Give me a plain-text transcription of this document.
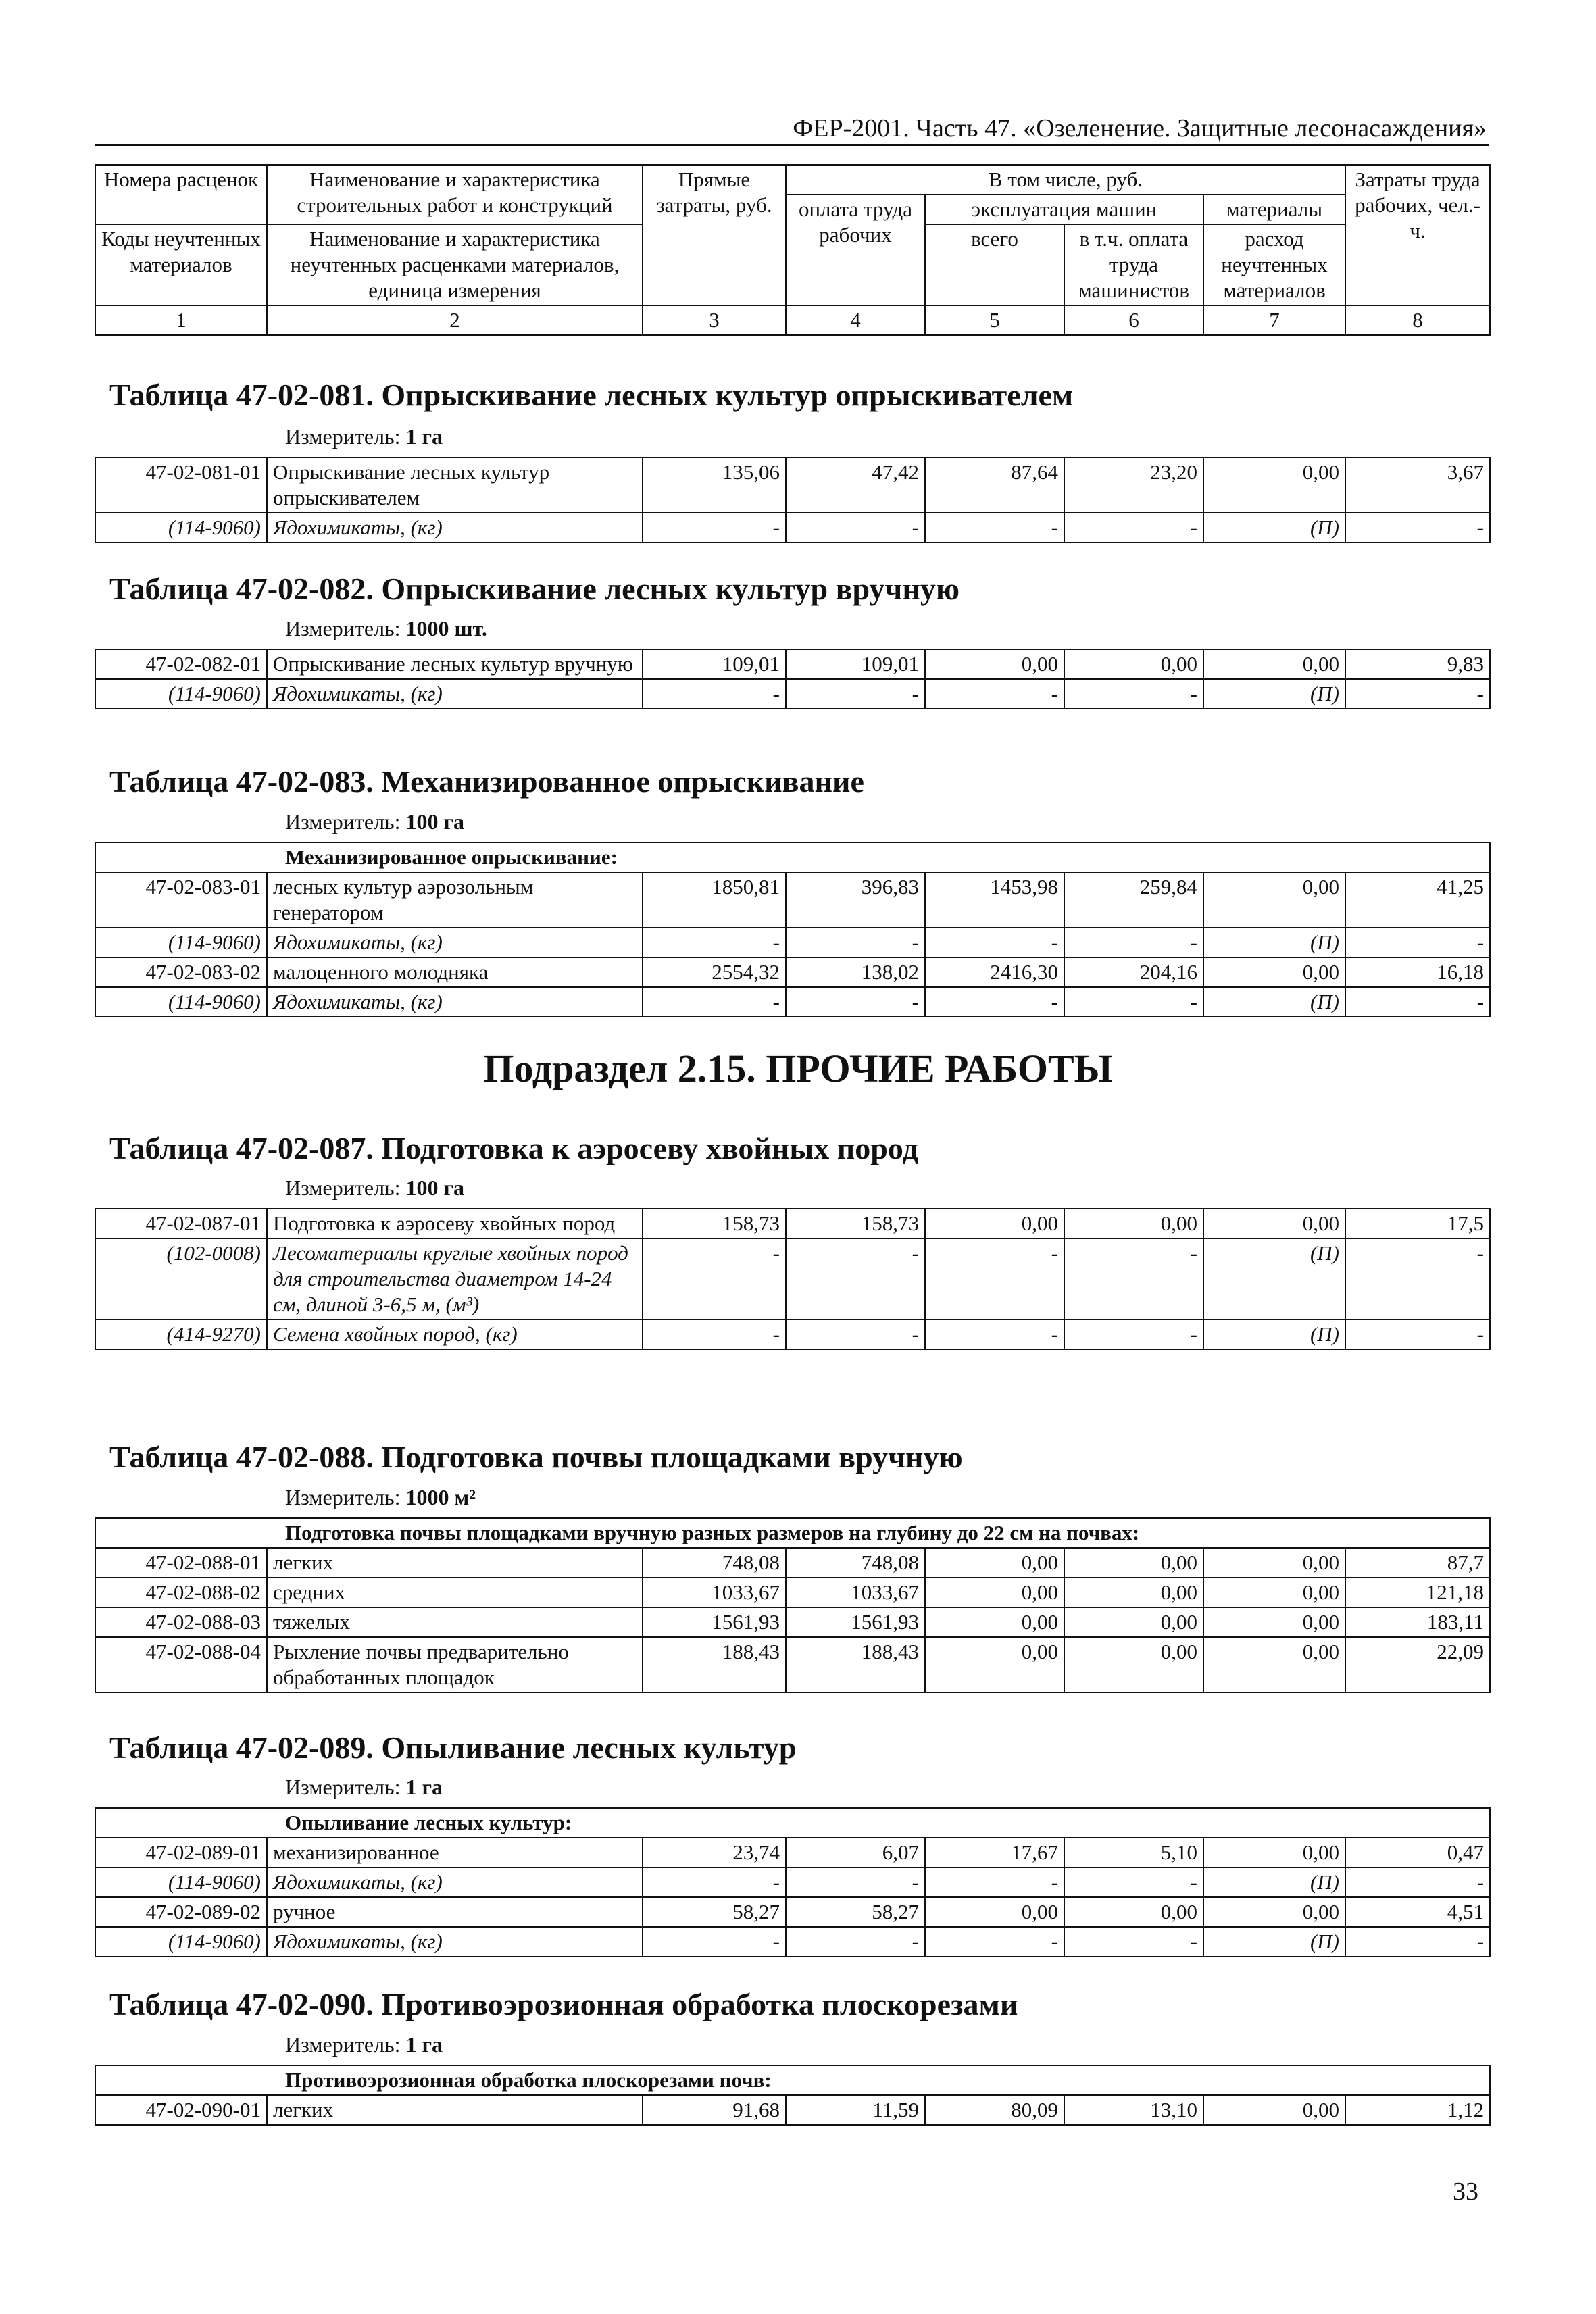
ФЕР-2001. Часть 47. «Озеленение. Защитные лесонасаждения»
Номера расценок	Наименование и характеристика строительных работ и конструкций	Прямые затраты, руб.	В том числе, руб.				Затраты труда рабочих, чел.-ч.
			оплата труда рабочих	эксплуатация машин		материалы	
Коды неучтенных материалов	Наименование и характеристика неучтенных расценками материалов, единица измерения			всего	в т.ч. оплата труда машинистов	расход неучтенных материалов	

1	2	3	4	5	6	7	8
Таблица 47-02-081. Опрыскивание лесных культур опрыскивателем
Измеритель: 1 га
47-02-081-01	Опрыскивание лесных культур опрыскивателем	135,06	47,42	87,64	23,20	0,00	3,67
(114-9060)	Ядохимикаты, (кг)	-	-	-	-	(П)	-
Таблица 47-02-082. Опрыскивание лесных культур вручную
Измеритель: 1000 шт.
47-02-082-01	Опрыскивание лесных культур вручную	109,01	109,01	0,00	0,00	0,00	9,83
(114-9060)	Ядохимикаты, (кг)	-	-	-	-	(П)	-
Таблица 47-02-083. Механизированное опрыскивание
Измеритель: 100 га
Механизированное опрыскивание:							
47-02-083-01	лесных культур аэрозольным генератором	1850,81	396,83	1453,98	259,84	0,00	41,25
(114-9060)	Ядохимикаты, (кг)	-	-	-	-	(П)	-
47-02-083-02	малоценного молодняка	2554,32	138,02	2416,30	204,16	0,00	16,18
(114-9060)	Ядохимикаты, (кг)	-	-	-	-	(П)	-
Подраздел 2.15. ПРОЧИЕ РАБОТЫ
Таблица 47-02-087. Подготовка к аэросеву хвойных пород
Измеритель: 100 га
47-02-087-01	Подготовка к аэросеву хвойных пород	158,73	158,73	0,00	0,00	0,00	17,5
(102-0008)	Лесоматериалы круглые хвойных пород для строительства диаметром 14-24 см, длиной 3-6,5 м, (м³)	-	-	-	-	(П)	-
(414-9270)	Семена хвойных пород, (кг)	-	-	-	-	(П)	-
Таблица 47-02-088. Подготовка почвы площадками вручную
Измеритель: 1000 м²
Подготовка почвы площадками вручную разных размеров на глубину до 22 см на почвах:							
47-02-088-01	легких	748,08	748,08	0,00	0,00	0,00	87,7
47-02-088-02	средних	1033,67	1033,67	0,00	0,00	0,00	121,18
47-02-088-03	тяжелых	1561,93	1561,93	0,00	0,00	0,00	183,11
47-02-088-04	Рыхление почвы предварительно обработанных площадок	188,43	188,43	0,00	0,00	0,00	22,09
Таблица 47-02-089. Опыливание лесных культур
Измеритель: 1 га
Опыливание лесных культур:							
47-02-089-01	механизированное	23,74	6,07	17,67	5,10	0,00	0,47
(114-9060)	Ядохимикаты, (кг)	-	-	-	-	(П)	-
47-02-089-02	ручное	58,27	58,27	0,00	0,00	0,00	4,51
(114-9060)	Ядохимикаты, (кг)	-	-	-	-	(П)	-
Таблица 47-02-090. Противоэрозионная обработка плоскорезами
Измеритель: 1 га
Противоэрозионная обработка плоскорезами почв:
47-02-090-01	легких	91,68	11,59	80,09	13,10	0,00	1,12
33
